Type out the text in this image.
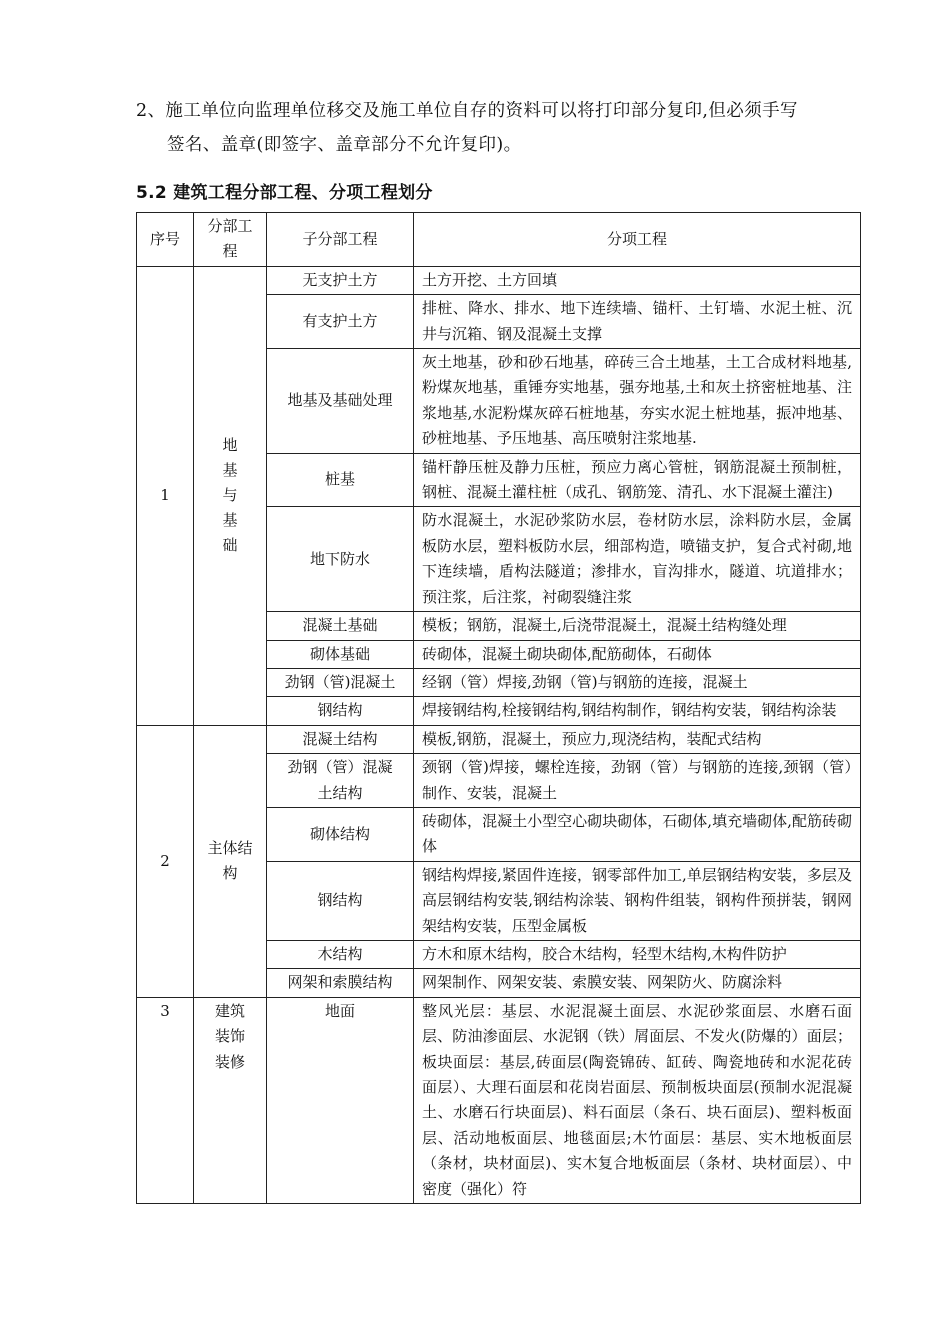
2、施工单位向监理单位移交及施工单位自存的资料可以将打印部分复印,但必须手写
签名、盖章(即签字、盖章部分不允许复印)。
5.2 建筑工程分部工程、分项工程划分
序号	分部工程	子分部工程	分项工程
1	地基与基础	无支护土方	土方开挖、土方回填
		有支护土方	排桩、降水、排水、地下连续墙、锚杆、土钉墙、水泥土桩、沉井与沉箱、钢及混凝土支撑
		地基及基础处理	灰土地基，砂和砂石地基，碎砖三合土地基，土工合成材料地基,粉煤灰地基，重锤夯实地基，强夯地基,土和灰土挤密桩地基、注浆地基,水泥粉煤灰碎石桩地基，夯实水泥土桩地基，振冲地基、砂桩地基、予压地基、高压喷射注浆地基.
		桩基	锚杆静压桩及静力压桩，预应力离心管桩，钢筋混凝土预制桩，钢桩、混凝土灌柱桩（成孔、钢筋笼、清孔、水下混凝土灌注)
		地下防水	防水混凝土，水泥砂浆防水层，卷材防水层，涂料防水层，金属板防水层，塑料板防水层，细部构造，喷锚支护，复合式衬砌,地下连续墙，盾构法隧道；渗排水，盲沟排水，隧道、坑道排水；预注浆，后注浆，衬砌裂缝注浆
		混凝土基础	模板；钢筋，混凝土,后浇带混凝土，混凝土结构缝处理
		砌体基础	砖砌体，混凝土砌块砌体,配筋砌体，石砌体
		劲钢（管)混凝土	经钢（管）焊接,劲钢（管)与钢筋的连接，混凝土
		钢结构	焊接钢结构,栓接钢结构,钢结构制作，钢结构安装，钢结构涂装
2	主体结构	混凝土结构	模板,钢筋，混凝土，预应力,现浇结构，装配式结构
		劲钢（管）混凝土结构	颈钢（管)焊接，螺栓连接，劲钢（管）与钢筋的连接,颈钢（管）制作、安装，混凝土
		砌体结构	砖砌体，混凝土小型空心砌块砌体，石砌体,填充墙砌体,配筋砖砌体
		钢结构	钢结构焊接,紧固件连接，钢零部件加工,单层钢结构安装，多层及高层钢结构安装,钢结构涂装、钢构件组装，钢构件预拼装，钢网架结构安装，压型金属板
		木结构	方木和原木结构，胶合木结构，轻型木结构,木构件防护
		网架和索膜结构	网架制作、网架安装、索膜安装、网架防火、防腐涂料
3	建筑装饰装修	地面	整风光层：基层、水泥混凝土面层、水泥砂浆面层、水磨石面层、防油渗面层、水泥钢（铁）屑面层、不发火(防爆的）面层；板块面层：基层,砖面层(陶瓷锦砖、缸砖、陶瓷地砖和水泥花砖面层）、大理石面层和花岗岩面层、预制板块面层(预制水泥混凝土、水磨石行块面层)、料石面层（条石、块石面层)、塑料板面层、活动地板面层、地毯面层;木竹面层：基层、实木地板面层（条材，块材面层)、实木复合地板面层（条材、块材面层）、中密度（强化）符
